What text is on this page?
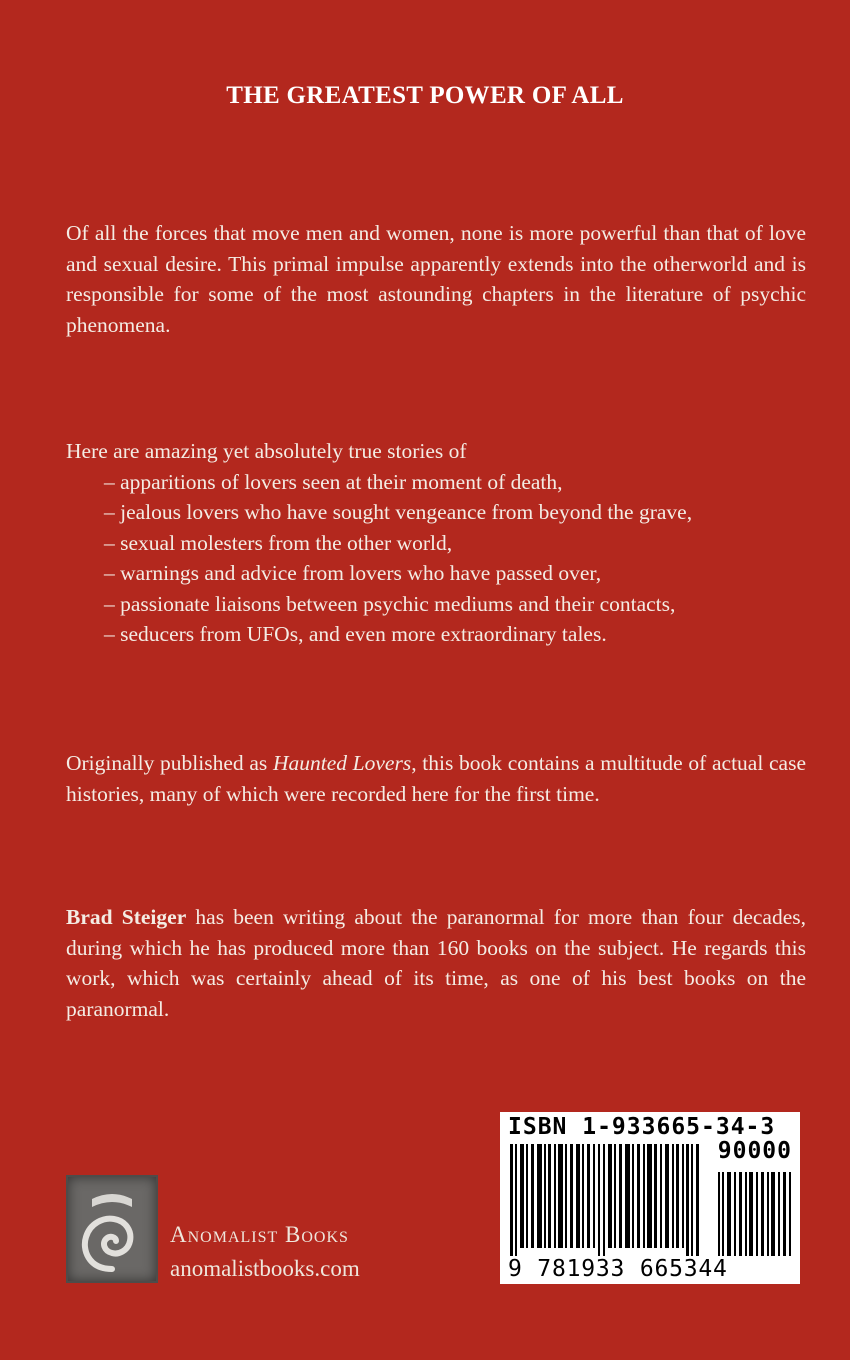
THE GREATEST POWER OF ALL
Of all the forces that move men and women, none is more powerful than that of love and sexual desire. This primal impulse apparently extends into the otherworld and is responsible for some of the most astounding chapters in the literature of psychic phenomena.
Here are amazing yet absolutely true stories of
– apparitions of lovers seen at their moment of death,
– jealous lovers who have sought vengeance from beyond the grave,
– sexual molesters from the other world,
– warnings and advice from lovers who have passed over,
– passionate liaisons between psychic mediums and their contacts,
– seducers from UFOs, and even more extraordinary tales.
Originally published as Haunted Lovers, this book contains a multitude of actual case histories, many of which were recorded here for the first time.
Brad Steiger has been writing about the paranormal for more than four decades, during which he has produced more than 160 books on the subject. He regards this work, which was certainly ahead of its time, as one of his best books on the paranormal.
ISBN 1-933665-34-3
90000
9 781933 665344
Anomalist Books
anomalistbooks.com
